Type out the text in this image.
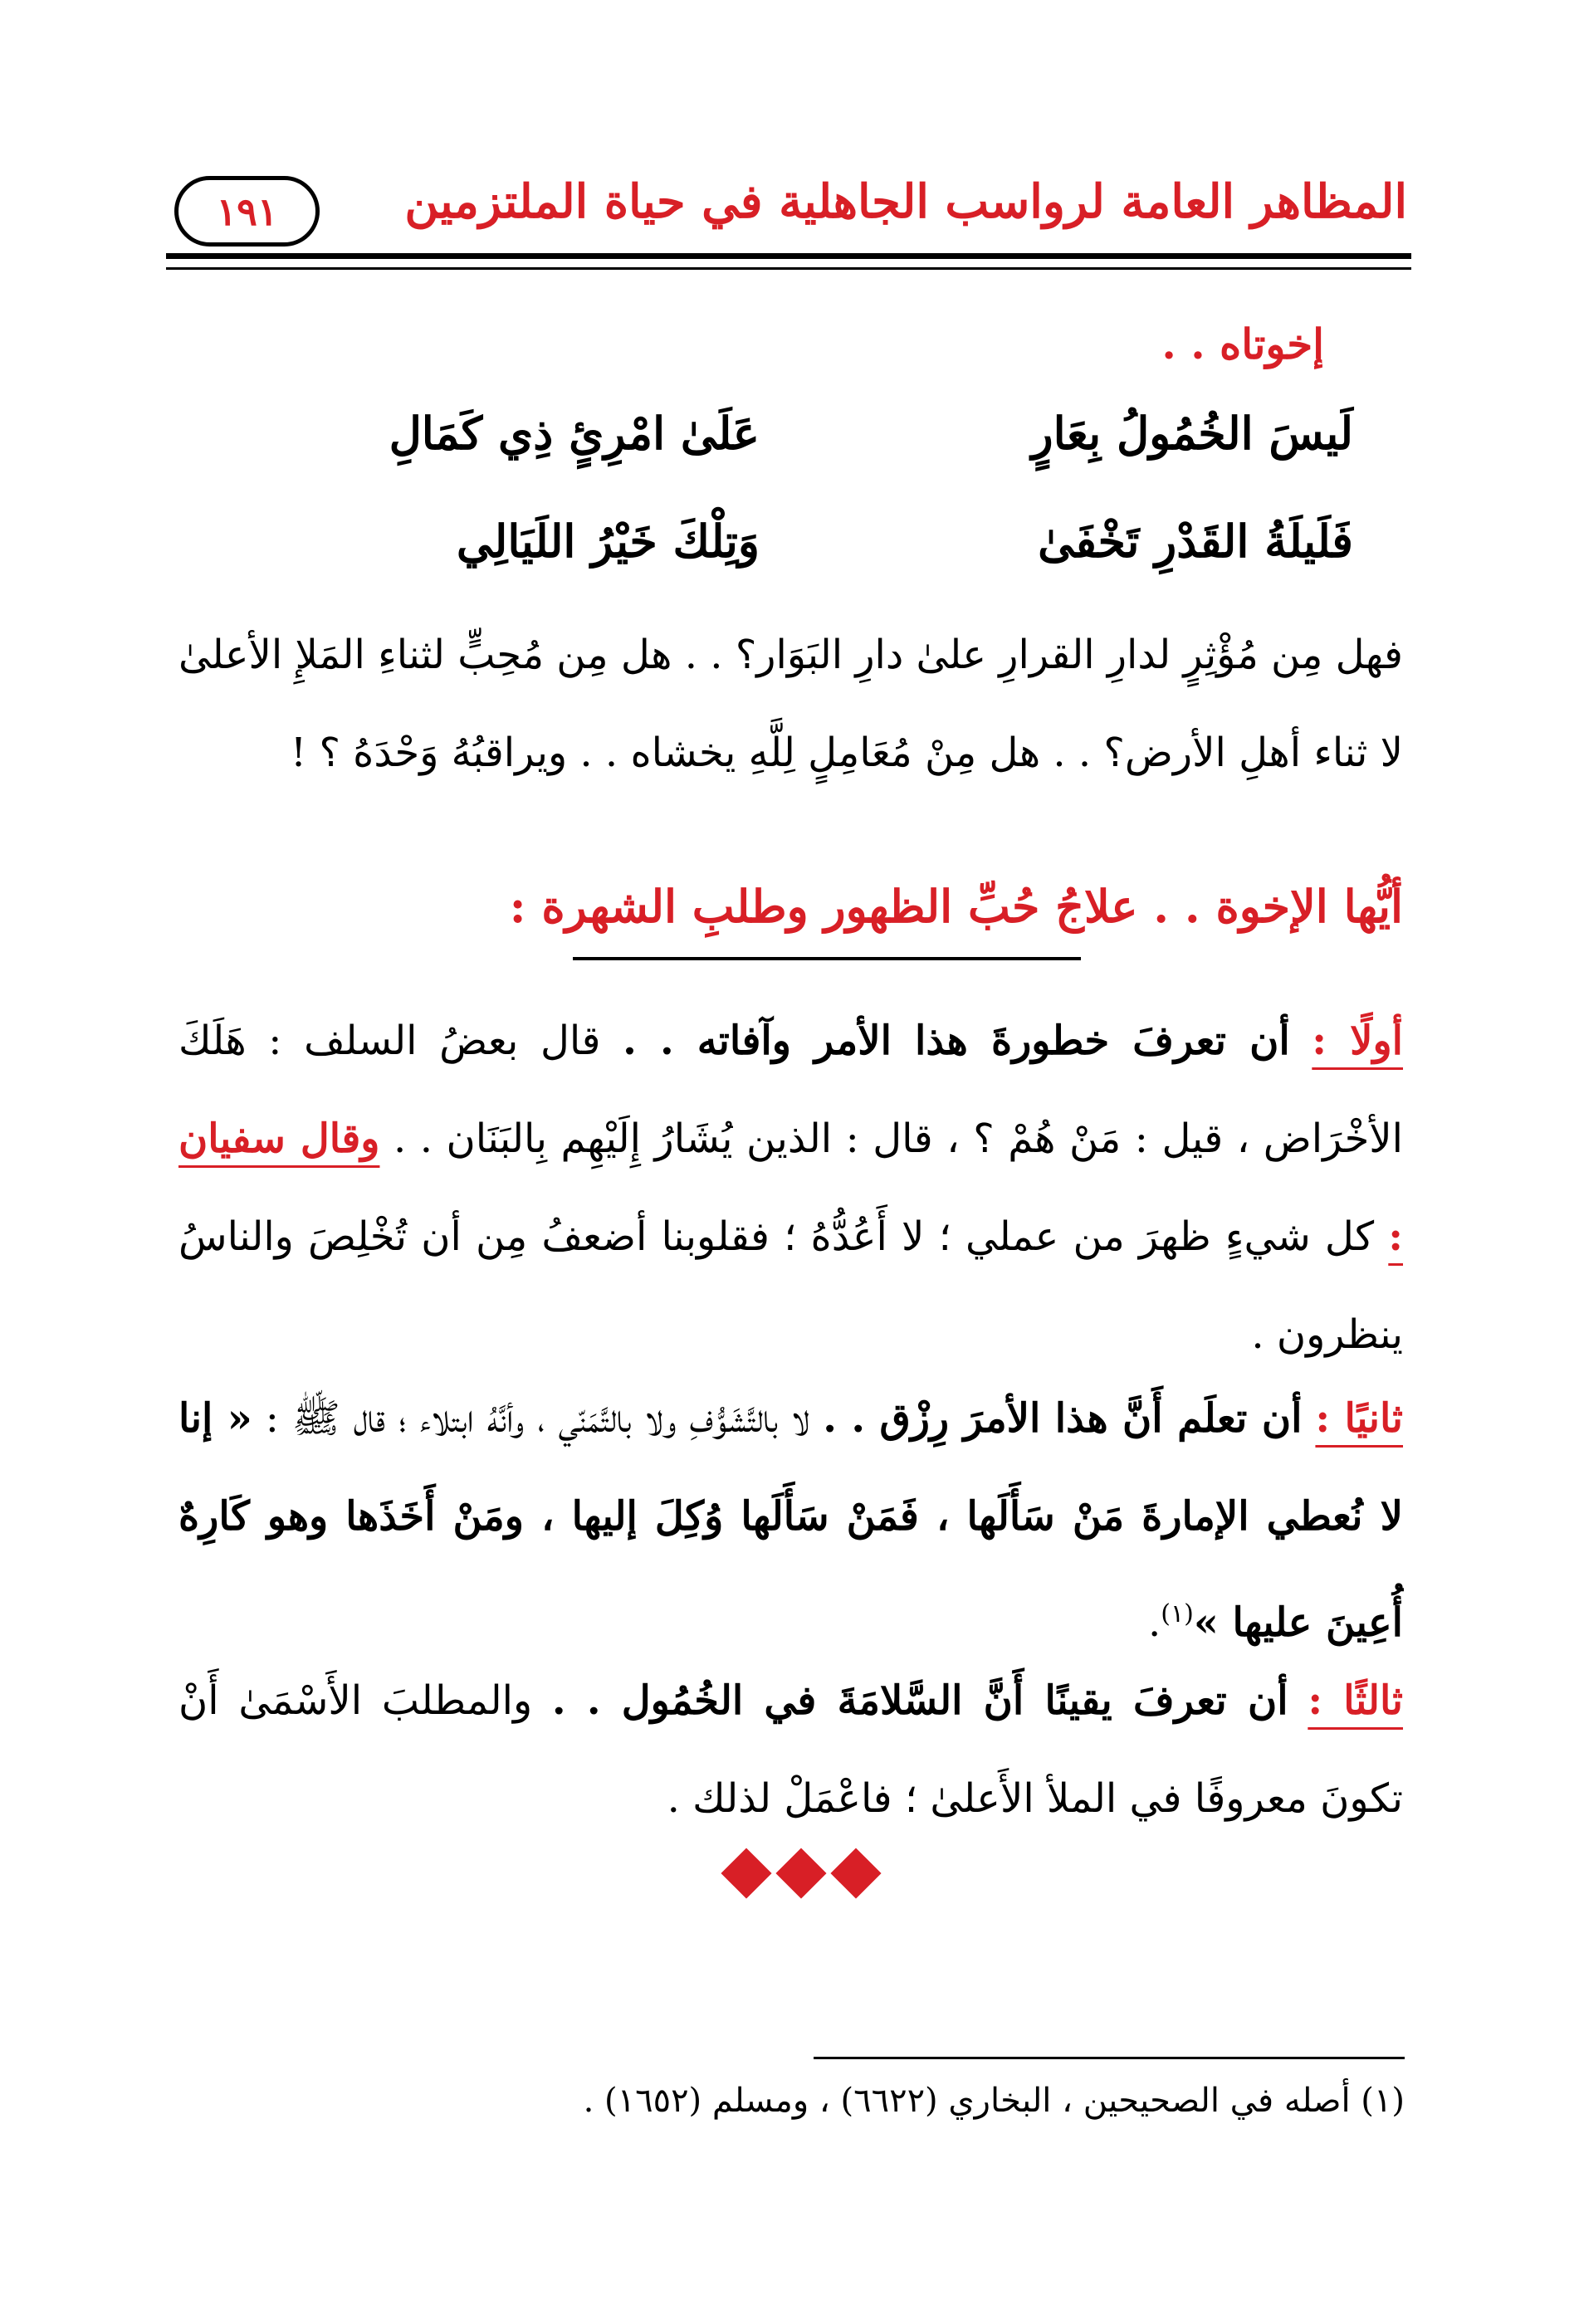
المظاهر العامة لرواسب الجاهلية في حياة الملتزمين
١٩١
إخوتاه . .
لَيسَ الخُمُولُ بِعَارٍ
عَلَىٰ امْرِئٍ ذِي كَمَالِ
فَلَيلَةُ القَدْرِ تَخْفَىٰ
وَتِلْكَ خَيْرُ اللَيَالِي
فهل مِن مُؤْثِرٍ لدارِ القرارِ علىٰ دارِ البَوَار؟ . . هل مِن مُحِبٍّ لثناءِ المَلإِ الأعلىٰ لا ثناء أهلِ الأرض؟ . . هل مِنْ مُعَامِلٍ لِلَّهِ يخشاه . . ويراقبُهُ وَحْدَهُ ؟ !
أيُّها الإخوة . . علاجُ حُبِّ الظهور وطلبِ الشهرة :
أولًا : أن تعرفَ خطورةَ هذا الأمر وآفاته . . قال بعضُ السلف : هَلَكَ الأخْرَاض ، قيل : مَنْ هُمْ ؟ ، قال : الذين يُشَارُ إِلَيْهِم بِالبَنَان . . وقال سفيان : كل شيءٍ ظهرَ من عملي ؛ لا أَعُدُّهُ ؛ فقلوبنا أضعفُ مِن أن تُخْلِصَ والناسُ ينظرون .
ثانيًا : أن تعلَم أَنَّ هذا الأمرَ رِزْق . . لا بالتَّشَوُّفِ ولا بالتَّمَنّي ، وأنَّهُ ابتلاء ؛ قال ﷺ : « إنا لا نُعطي الإمارةَ مَنْ سَأَلَها ، فَمَنْ سَأَلَها وُكِلَ إليها ، ومَنْ أَخَذَها وهو كَارِهٌ أُعِينَ عليها »$^{(١)}$.
ثالثًا : أن تعرفَ يقينًا أَنَّ السَّلامَةَ في الخُمُول . . والمطلبَ الأَسْمَىٰ أَنْ تكونَ معروفًا في الملأ الأَعلىٰ ؛ فاعْمَلْ لذلك .
(١) أصله في الصحيحين ، البخاري (٦٦٢٢) ، ومسلم (١٦٥٢) .
